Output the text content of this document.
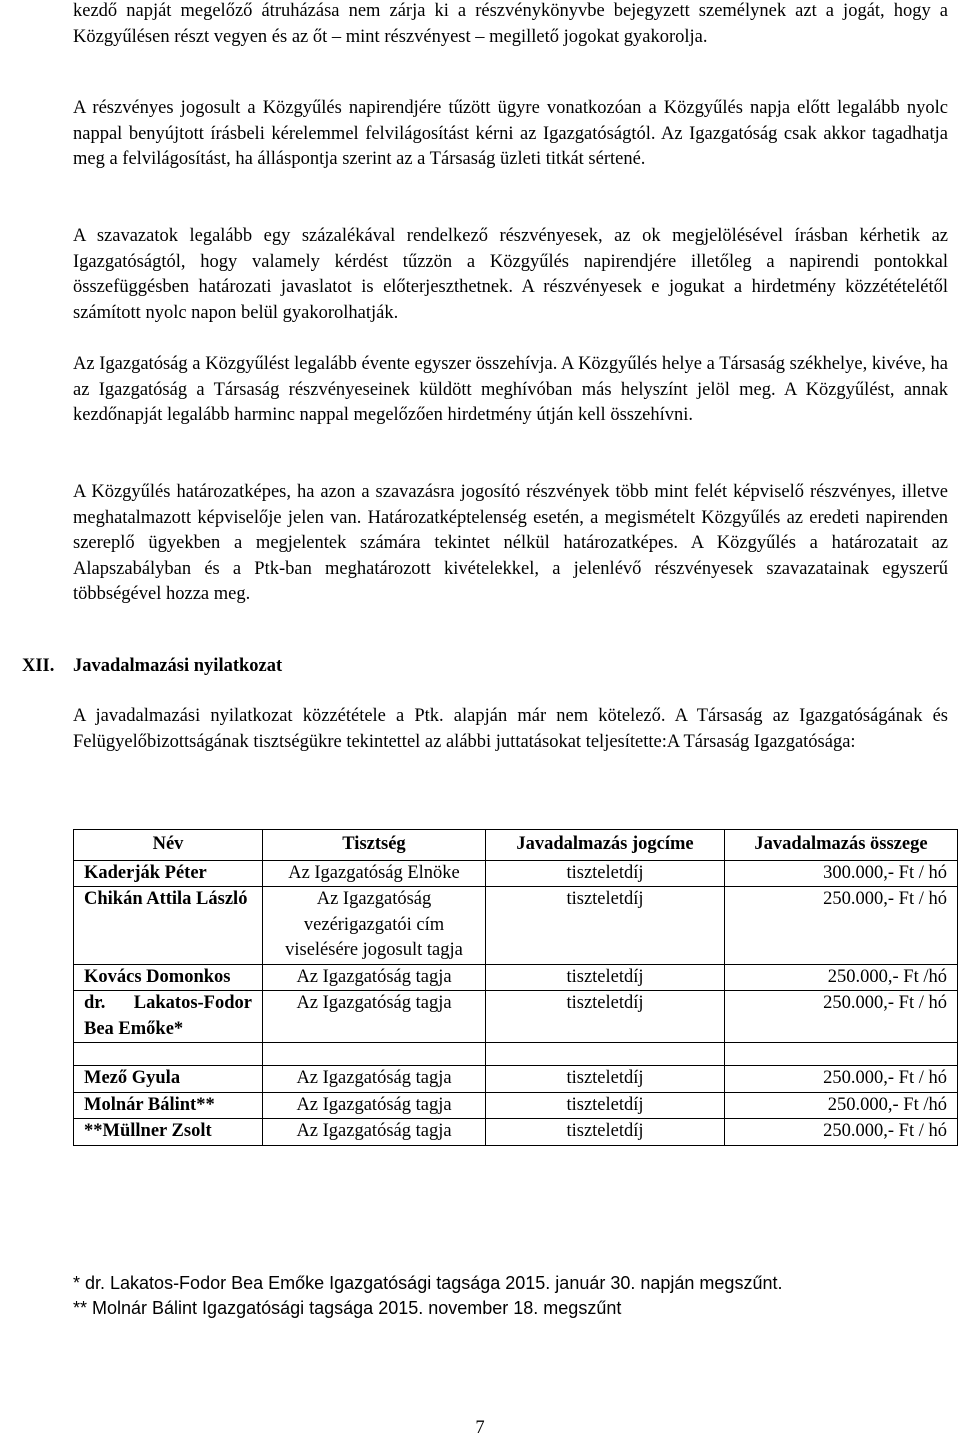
kezdő napját megelőző átruházása nem zárja ki a részvénykönyvbe bejegyzett személynek azt a jogát, hogy a Közgyűlésen részt vegyen és az őt – mint részvényest – megillető jogokat gyakorolja.

A részvényes jogosult a Közgyűlés napirendjére tűzött ügyre vonatkozóan a Közgyűlés napja előtt legalább nyolc nappal benyújtott írásbeli kérelemmel felvilágosítást kérni az Igazgatóságtól. Az Igazgatóság csak akkor tagadhatja meg a felvilágosítást, ha álláspontja szerint az a Társaság üzleti titkát sértené.

A szavazatok legalább egy százalékával rendelkező részvényesek, az ok megjelölésével írásban kérhetik az Igazgatóságtól, hogy valamely kérdést tűzzön a Közgyűlés napirendjére illetőleg a napirendi pontokkal összefüggésben határozati javaslatot is előterjeszthetnek. A részvényesek e jogukat a hirdetmény közzétételétől számított nyolc napon belül gyakorolhatják.

Az Igazgatóság a Közgyűlést legalább évente egyszer összehívja. A Közgyűlés helye a Társaság székhelye, kivéve, ha az Igazgatóság a Társaság részvényeseinek küldött meghívóban más helyszínt jelöl meg. A Közgyűlést, annak kezdőnapját legalább harminc nappal megelőzően hirdetmény útján kell összehívni.

A Közgyűlés határozatképes, ha azon a szavazásra jogosító részvények több mint felét képviselő részvényes, illetve meghatalmazott képviselője jelen van. Határozatképtelenség esetén, a megismételt Közgyűlés az eredeti napirenden szereplő ügyekben a megjelentek számára tekintet nélkül határozatképes. A Közgyűlés a határozatait az Alapszabályban és a Ptk-ban meghatározott kivételekkel, a jelenlévő részvényesek szavazatainak egyszerű többségével hozza meg.

XII. Javadalmazási nyilatkozat

A javadalmazási nyilatkozat közzététele a Ptk. alapján már nem kötelező. A Társaság az Igazgatóságának és Felügyelőbizottságának tisztségükre tekintettel az alábbi juttatásokat teljesítette:A Társaság Igazgatósága:

Név	Tisztség	Javadalmazás jogcíme	Javadalmazás összege
Kaderják Péter	Az Igazgatóság Elnöke	tiszteletdíj	300.000,- Ft / hó
Chikán Attila László	Az Igazgatóság vezérigazgatói cím viselésére jogosult tagja	tiszteletdíj	250.000,- Ft / hó
Kovács Domonkos	Az Igazgatóság tagja	tiszteletdíj	250.000,- Ft /hó
dr. Lakatos-Fodor Bea Emőke*	Az Igazgatóság tagja	tiszteletdíj	250.000,- Ft / hó

Mező Gyula	Az Igazgatóság tagja	tiszteletdíj	250.000,- Ft / hó
Molnár Bálint**	Az Igazgatóság tagja	tiszteletdíj	250.000,- Ft /hó
**Müllner Zsolt	Az Igazgatóság tagja	tiszteletdíj	250.000,- Ft / hó
* dr. Lakatos-Fodor Bea Emőke Igazgatósági tagsága 2015. január 30. napján megszűnt.
** Molnár Bálint Igazgatósági tagsága 2015. november 18. megszűnt
7
